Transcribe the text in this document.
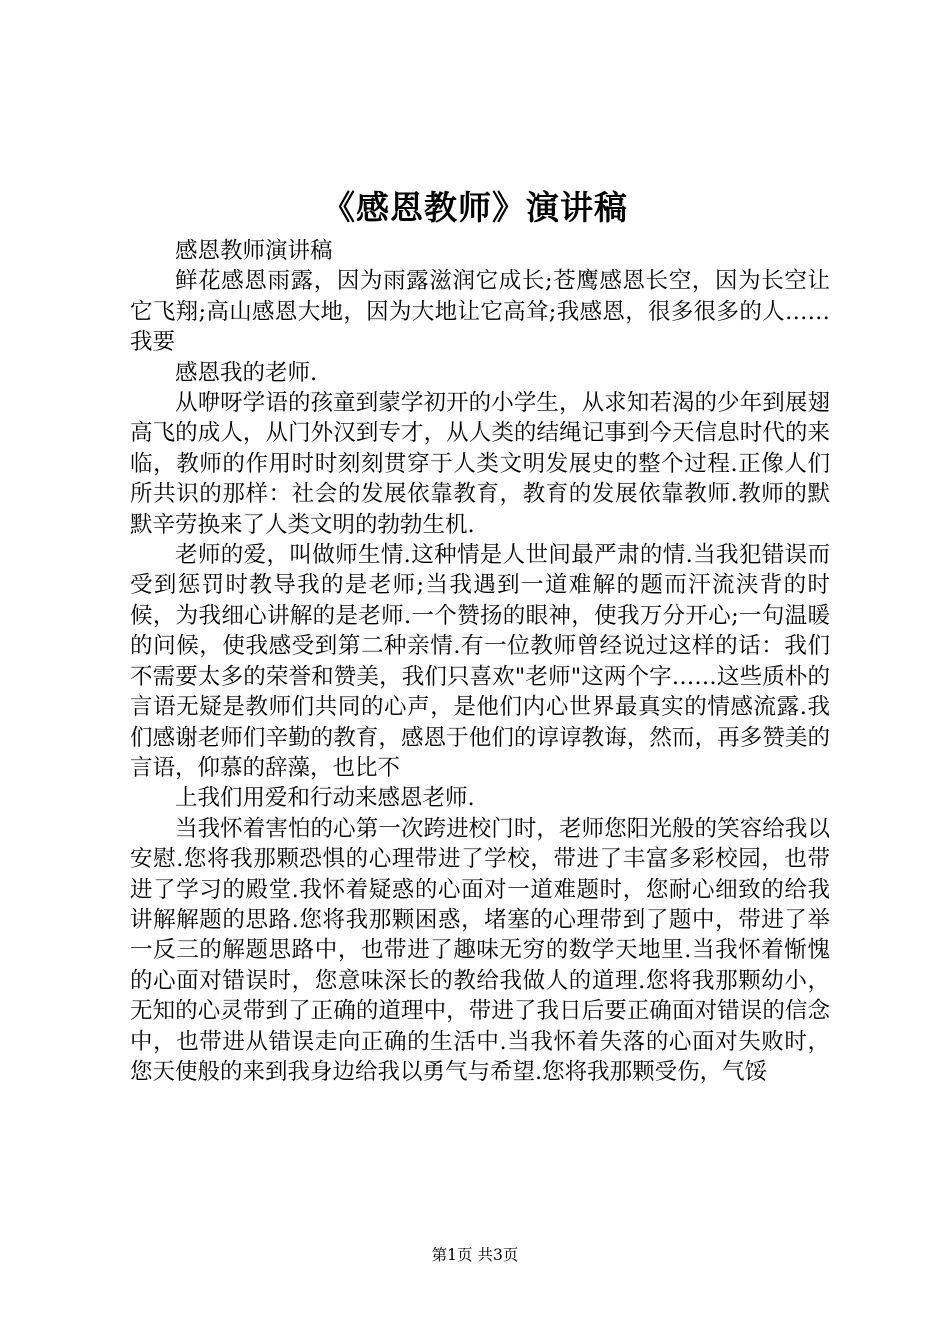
《感恩教师》演讲稿

感恩教师演讲稿

鲜花感恩雨露，因为雨露滋润它成长;苍鹰感恩长空，因为长空让它飞翔;高山感恩大地，因为大地让它高耸;我感恩，很多很多的人……我要

感恩我的老师.

从咿呀学语的孩童到蒙学初开的小学生，从求知若渴的少年到展翅高飞的成人，从门外汉到专才，从人类的结绳记事到今天信息时代的来临，教师的作用时时刻刻贯穿于人类文明发展史的整个过程.正像人们所共识的那样：社会的发展依靠教育，教育的发展依靠教师.教师的默默辛劳换来了人类文明的勃勃生机.

老师的爱，叫做师生情.这种情是人世间最严肃的情.当我犯错误而受到惩罚时教导我的是老师;当我遇到一道难解的题而汗流浃背的时候，为我细心讲解的是老师.一个赞扬的眼神，使我万分开心;一句温暖的问候，使我感受到第二种亲情.有一位教师曾经说过这样的话：我们不需要太多的荣誉和赞美，我们只喜欢"老师"这两个字……这些质朴的言语无疑是教师们共同的心声，是他们内心世界最真实的情感流露.我们感谢老师们辛勤的教育，感恩于他们的谆谆教诲，然而，再多赞美的言语，仰慕的辞藻，也比不

上我们用爱和行动来感恩老师.

当我怀着害怕的心第一次跨进校门时，老师您阳光般的笑容给我以安慰.您将我那颗恐惧的心理带进了学校，带进了丰富多彩校园，也带进了学习的殿堂.我怀着疑惑的心面对一道难题时，您耐心细致的给我讲解解题的思路.您将我那颗困惑，堵塞的心理带到了题中，带进了举一反三的解题思路中，也带进了趣味无穷的数学天地里.当我怀着惭愧的心面对错误时，您意味深长的教给我做人的道理.您将我那颗幼小，无知的心灵带到了正确的道理中，带进了我日后要正确面对错误的信念中，也带进从错误走向正确的生活中.当我怀着失落的心面对失败时，您天使般的来到我身边给我以勇气与希望.您将我那颗受伤，气馁

第1页 共3页
